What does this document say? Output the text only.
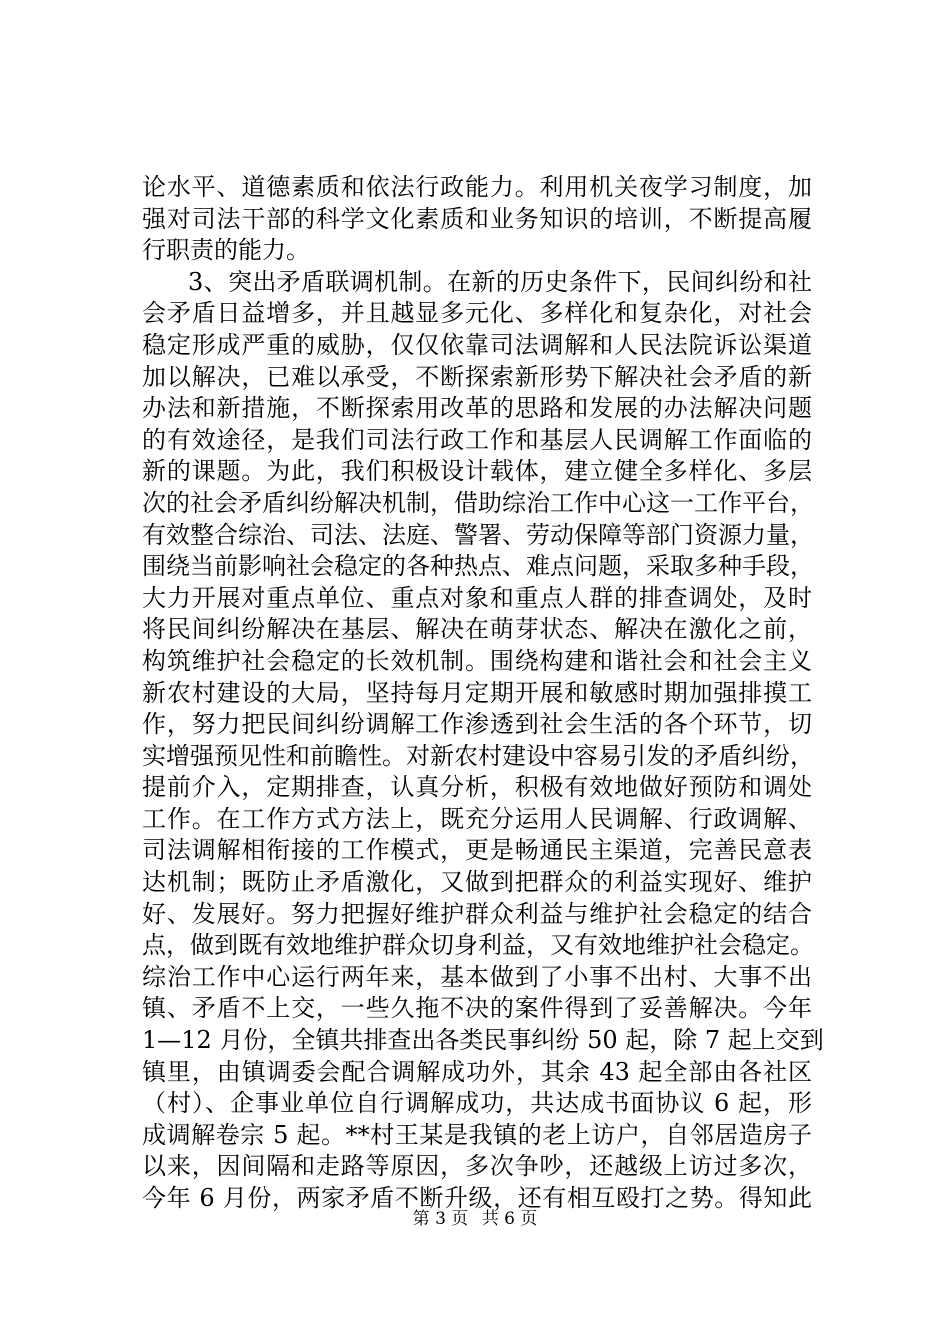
论水平、道德素质和依法行政能力。利用机关夜学习制度，加
强对司法干部的科学文化素质和业务知识的培训，不断提高履
行职责的能力。
3、突出矛盾联调机制。在新的历史条件下，民间纠纷和社
会矛盾日益增多，并且越显多元化、多样化和复杂化，对社会
稳定形成严重的威胁，仅仅依靠司法调解和人民法院诉讼渠道
加以解决，已难以承受，不断探索新形势下解决社会矛盾的新
办法和新措施，不断探索用改革的思路和发展的办法解决问题
的有效途径，是我们司法行政工作和基层人民调解工作面临的
新的课题。为此，我们积极设计载体，建立健全多样化、多层
次的社会矛盾纠纷解决机制，借助综治工作中心这一工作平台，
有效整合综治、司法、法庭、警署、劳动保障等部门资源力量，
围绕当前影响社会稳定的各种热点、难点问题，采取多种手段，
大力开展对重点单位、重点对象和重点人群的排查调处，及时
将民间纠纷解决在基层、解决在萌芽状态、解决在激化之前，
构筑维护社会稳定的长效机制。围绕构建和谐社会和社会主义
新农村建设的大局，坚持每月定期开展和敏感时期加强排摸工
作，努力把民间纠纷调解工作渗透到社会生活的各个环节，切
实增强预见性和前瞻性。对新农村建设中容易引发的矛盾纠纷，
提前介入，定期排查，认真分析，积极有效地做好预防和调处
工作。在工作方式方法上，既充分运用人民调解、行政调解、
司法调解相衔接的工作模式，更是畅通民主渠道，完善民意表
达机制；既防止矛盾激化，又做到把群众的利益实现好、维护
好、发展好。努力把握好维护群众利益与维护社会稳定的结合
点，做到既有效地维护群众切身利益，又有效地维护社会稳定。
综治工作中心运行两年来，基本做到了小事不出村、大事不出
镇、矛盾不上交，一些久拖不决的案件得到了妥善解决。今年
1—12 月份，全镇共排查出各类民事纠纷 50 起，除 7 起上交到
镇里，由镇调委会配合调解成功外，其余 43 起全部由各社区
（村）、企事业单位自行调解成功，共达成书面协议 6 起，形
成调解卷宗 5 起。**村王某是我镇的老上访户，自邻居造房子
以来，因间隔和走路等原因，多次争吵，还越级上访过多次，
今年 6 月份，两家矛盾不断升级，还有相互殴打之势。得知此
第 3 页 共 6 页
